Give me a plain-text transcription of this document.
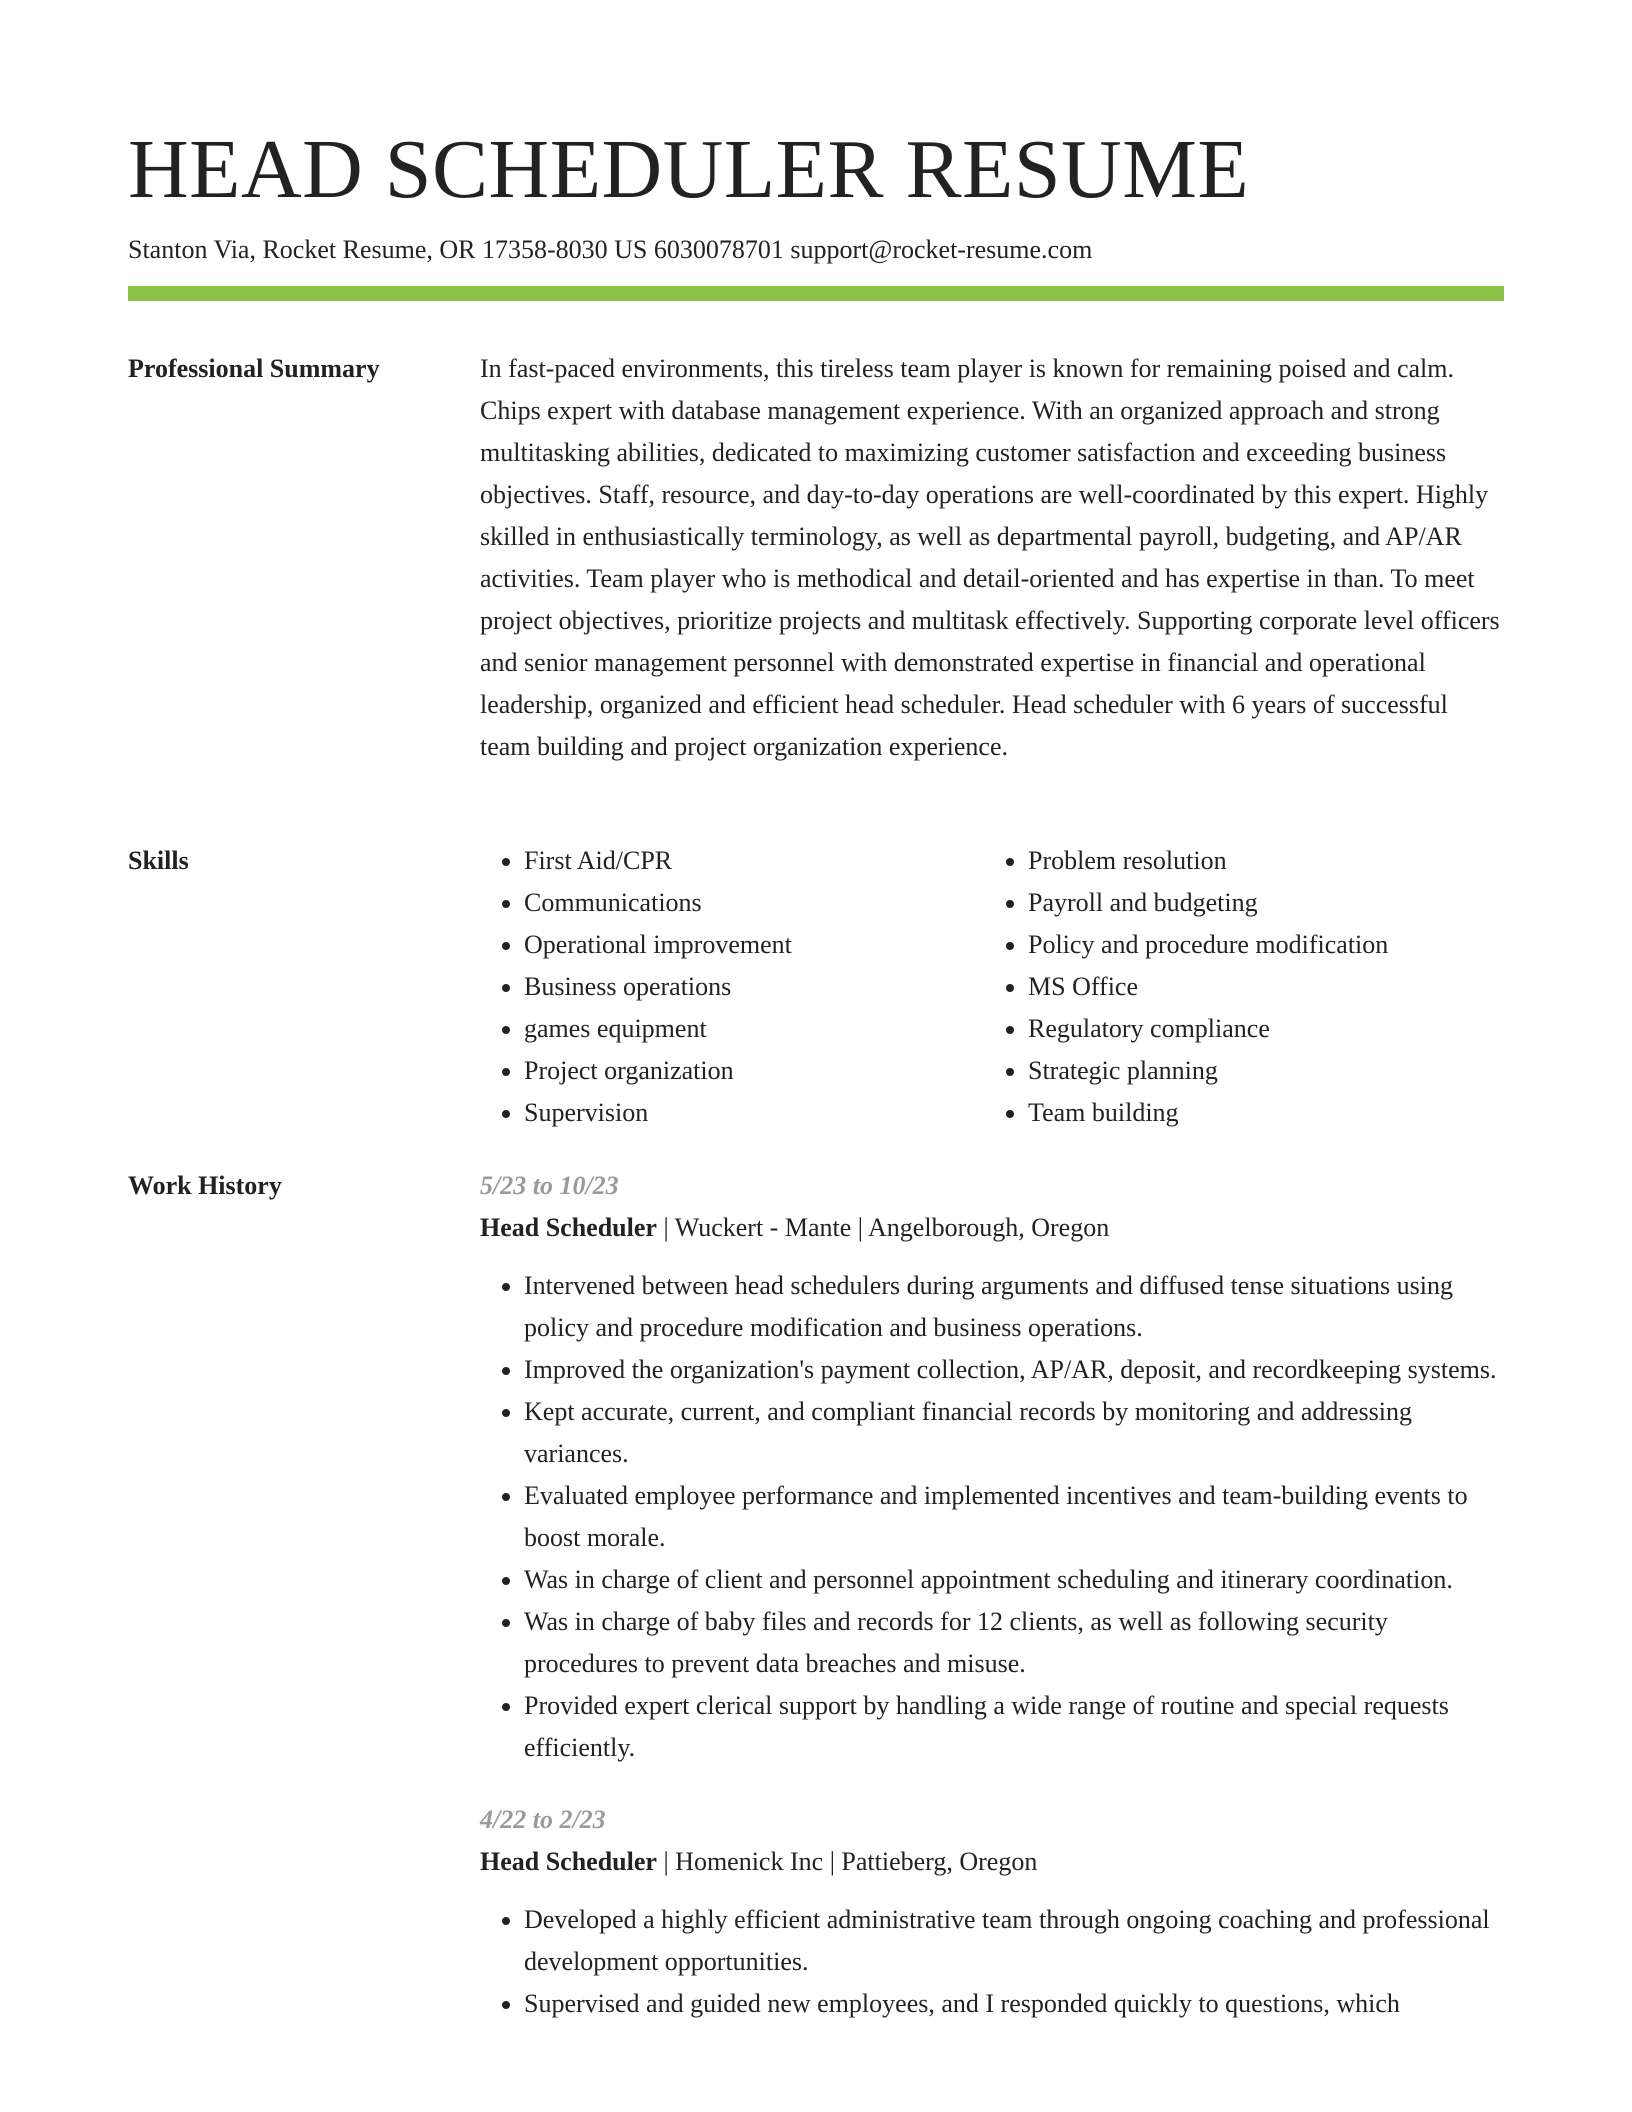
HEAD SCHEDULER RESUME
Stanton Via, Rocket Resume, OR 17358-8030 US 6030078701 support@rocket-resume.com
Professional Summary	In fast-paced environments, this tireless team player is known for remaining poised and calm. Chips expert with database management experience. With an organized approach and strong multitasking abilities, dedicated to maximizing customer satisfaction and exceeding business objectives. Staff, resource, and day-to-day operations are well-coordinated by this expert. Highly skilled in enthusiastically terminology, as well as departmental payroll, budgeting, and AP/AR activities. Team player who is methodical and detail-oriented and has expertise in than. To meet project objectives, prioritize projects and multitask effectively. Supporting corporate level officers and senior management personnel with demonstrated expertise in financial and operational leadership, organized and efficient head scheduler. Head scheduler with 6 years of successful team building and project organization experience.

Skills
•	First Aid/CPR
• Communications
• Operational improvement
• Business operations
• games equipment
• Project organization
• Supervision
• Problem resolution
• Payroll and budgeting
• Policy and procedure modification
• MS Office
• Regulatory compliance
• Strategic planning
• Team building
Work History	5/23 to 10/23
Head Scheduler | Wuckert - Mante | Angelborough, Oregon
• Intervened between head schedulers during arguments and diffused tense situations using policy and procedure modification and business operations.
• Improved the organization's payment collection, AP/AR, deposit, and recordkeeping systems.
• Kept accurate, current, and compliant financial records by monitoring and addressing variances.
• Evaluated employee performance and implemented incentives and team-building events to boost morale.
• Was in charge of client and personnel appointment scheduling and itinerary coordination.
• Was in charge of baby files and records for 12 clients, as well as following security procedures to prevent data breaches and misuse.
• Provided expert clerical support by handling a wide range of routine and special requests efficiently.
4/22 to 2/23
Head Scheduler | Homenick Inc | Pattieberg, Oregon
• Developed a highly efficient administrative team through ongoing coaching and professional development opportunities.
• Supervised and guided new employees, and I responded quickly to questions, which
